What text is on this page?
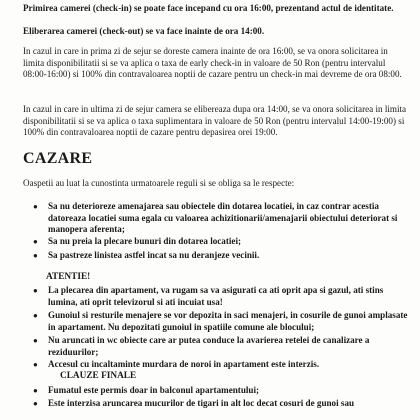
Primirea camerei (check-in) se poate face incepand cu ora 16:00, prezentand actul de identitate.

Eliberarea camerei (check-out) se va face inainte de ora 14:00.

In cazul in care in prima zi de sejur se doreste camera inainte de ora 16:00, se va onora solicitarea in limita disponibilitatii si se va aplica o taxa de early check-in in valoare de 50 Ron (pentru intervalul 08:00-16:00) si 100% din contravaloarea noptii de cazare pentru un check-in mai devreme de ora 08:00.

In cazul in care in ultima zi de sejur camera se elibereaza dupa ora 14:00, se va onora solicitarea in limita disponibilitatii si se va aplica o taxa suplimentara in valoare de 50 Ron (pentru intervalul 14:00-19:00) si 100% din contravaloarea noptii de cazare pentru depasirea orei 19:00.

CAZARE

Oaspetii au luat la cunostinta urmatoarele reguli si se obliga sa le respecte:

● Sa nu deterioreze amenajarea sau obiectele din dotarea locatiei, in caz contrar acestia datoreaza locatiei suma egala cu valoarea achizitionarii/amenajarii obiectului deteriorat si manopera aferenta;

● Sa nu preia la plecare bunuri din dotarea locatiei;

● Sa pastreze linistea astfel incat sa nu deranjeze vecinii.

ATENTIE!
● La plecarea din apartament, va rugam sa va asigurati ca ati oprit apa si gazul, ati stins lumina, ati oprit televizorul si ati incuiat usa!

● Gunoiul si resturile menajere se vor depozita in saci menajeri, in cosurile de gunoi amplasate in apartament. Nu depozitati gunoiul in spatiile comune ale blocului;

● Nu aruncati in wc obiecte care ar putea conduce la avarierea retelei de canalizare a reziduurilor;

● Accesul cu incaltaminte murdara de noroi in apartament este interzis.

CLAUZE FINALE
● Fumatul este permis doar in balconul apartamentului;

● Este interzisa aruncarea mucurilor de tigari in alt loc decat cosuri de gunoi sau
